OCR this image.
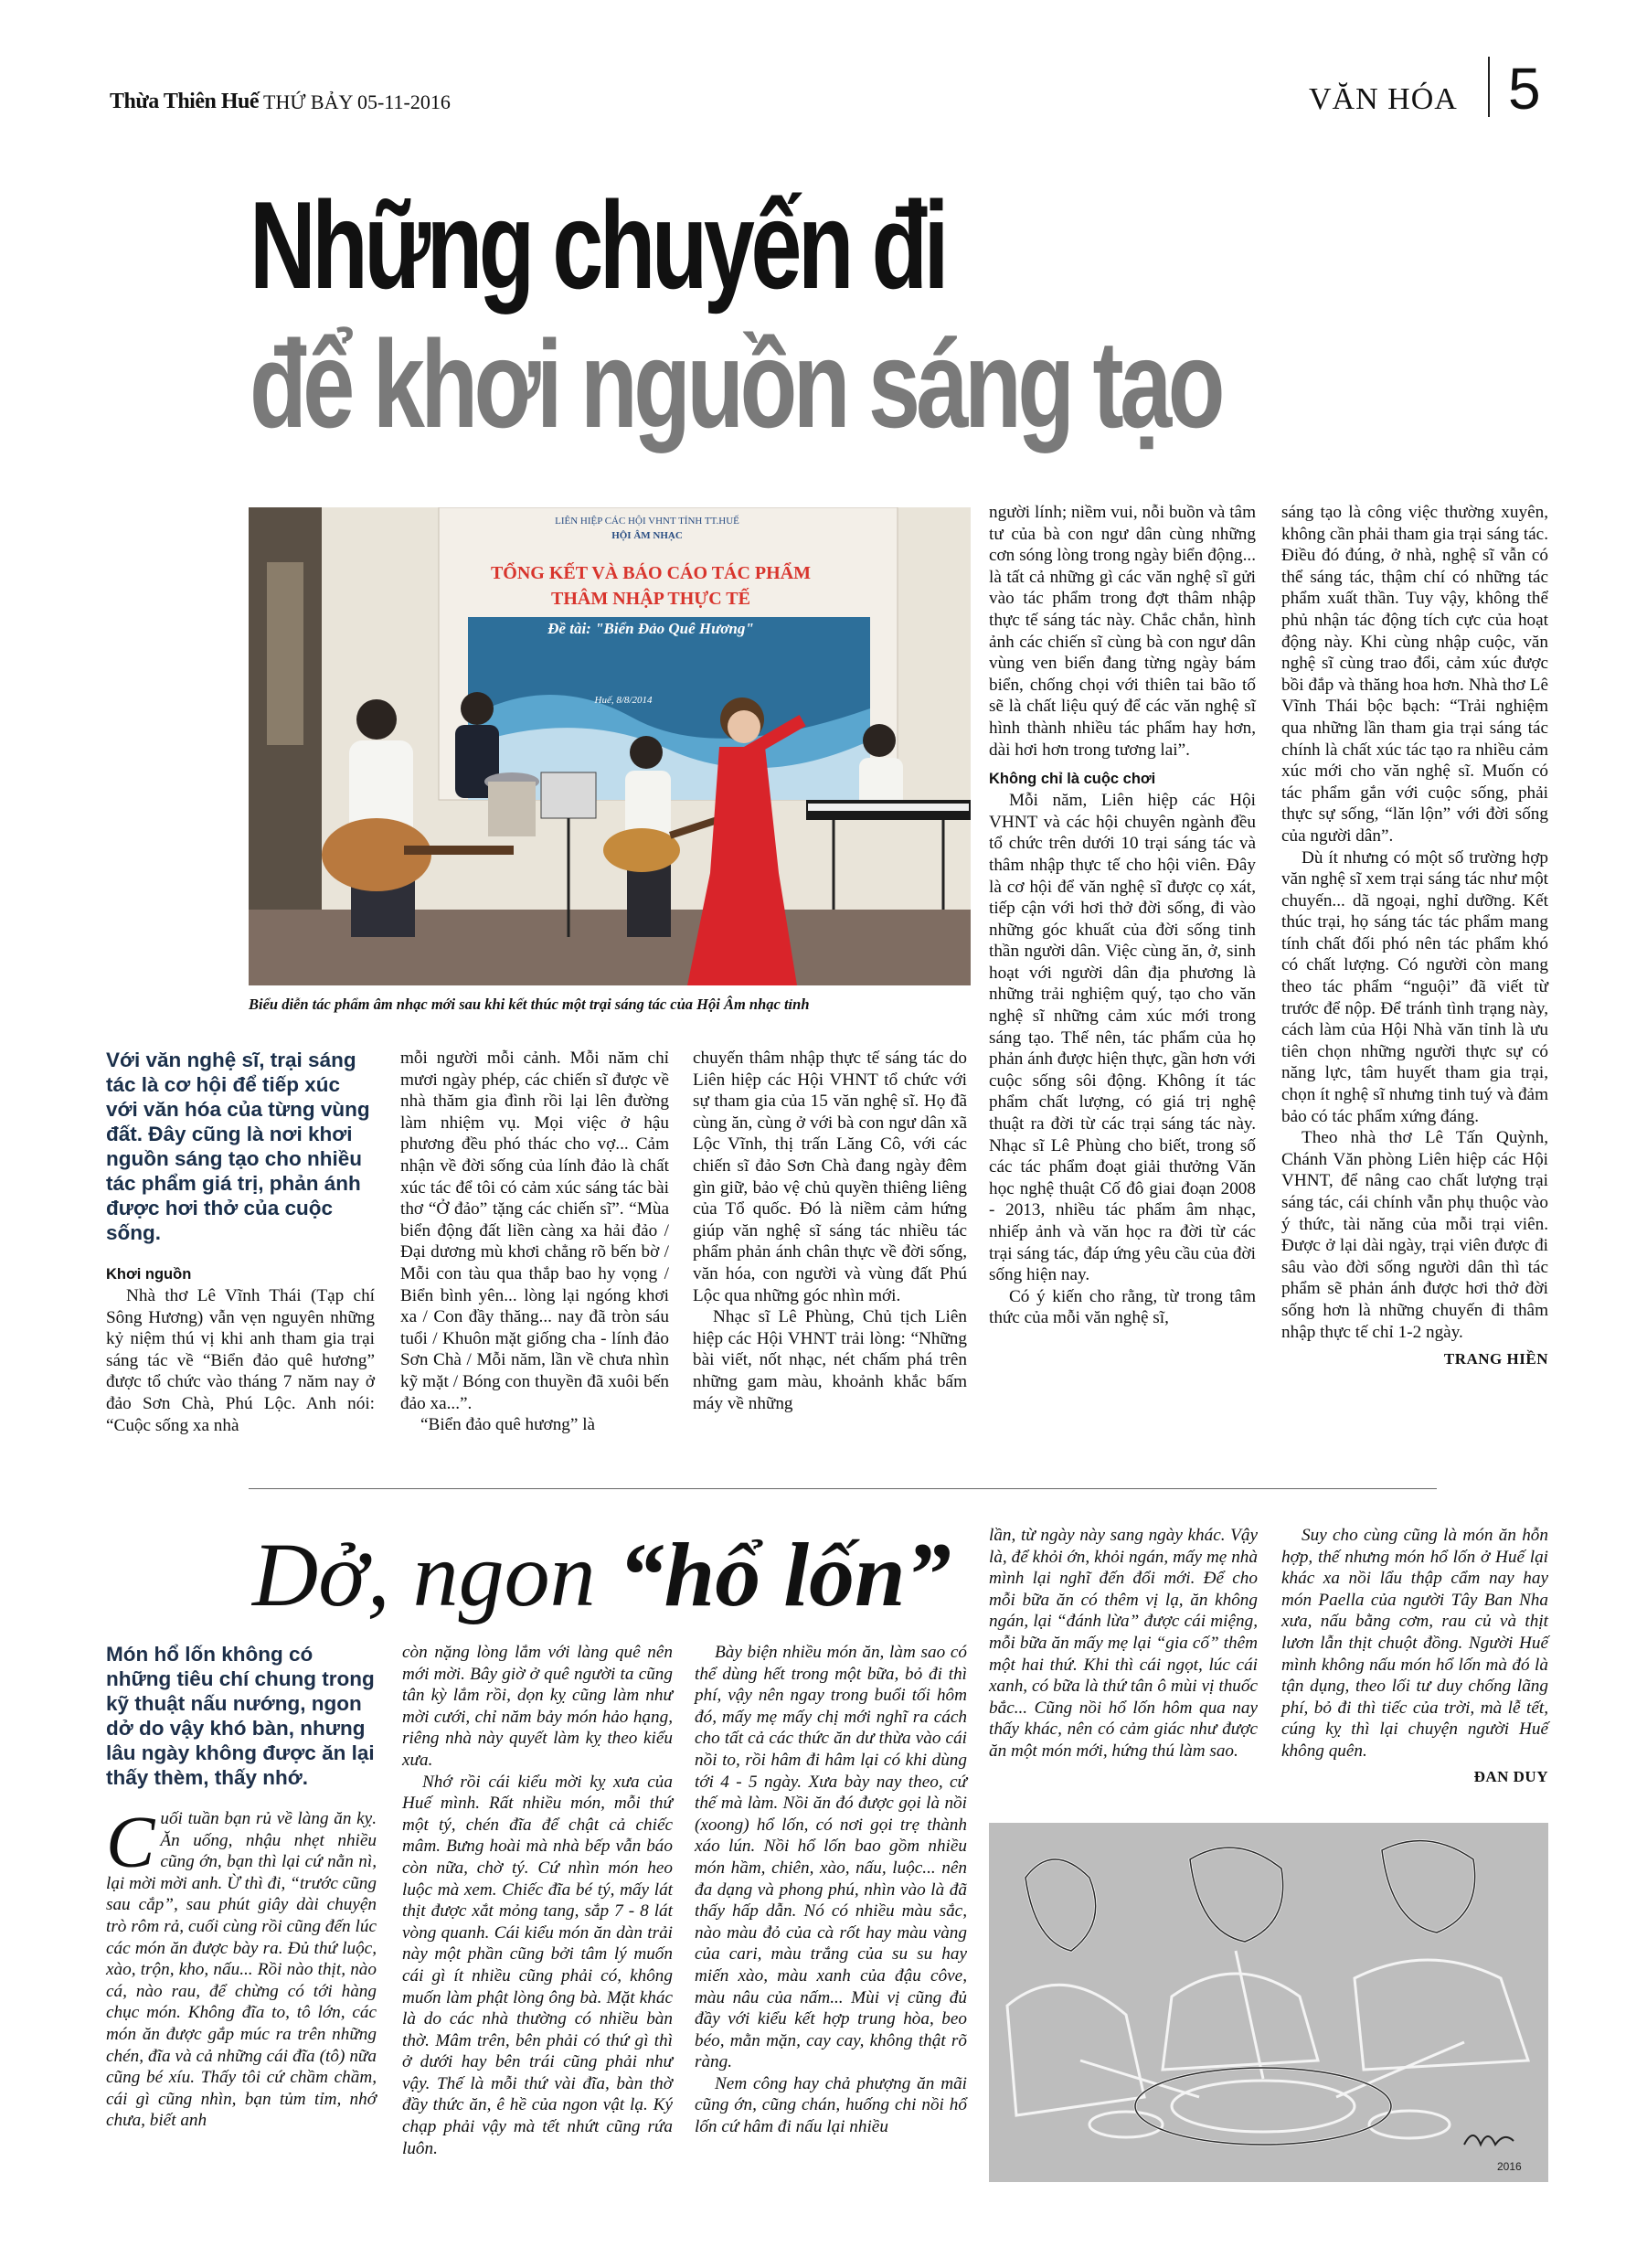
Thừa Thiên Huế THỨ BẢY 05-11-2016	VĂN HÓA 5
Những chuyến đi
để khơi nguồn sáng tạo
LIÊN HIỆP CÁC HỘI VHNT TỈNH TT.HUẾ
HỘI ÂM NHẠC
TỔNG KẾT VÀ BÁO CÁO TÁC PHẨM
THÂM NHẬP THỰC TẾ
Đề tài: "Biển Đảo Quê Hương"
Huế, 8/8/2014
Biểu diễn tác phẩm âm nhạc mới sau khi kết thúc một trại sáng tác của Hội Âm nhạc tỉnh
Với văn nghệ sĩ, trại sáng tác là cơ hội để tiếp xúc với văn hóa của từng vùng đất. Đây cũng là nơi khơi nguồn sáng tạo cho nhiều tác phẩm giá trị, phản ánh được hơi thở của cuộc sống.
Khơi nguồn

Nhà thơ Lê Vĩnh Thái (Tạp chí Sông Hương) vẫn vẹn nguyên những kỷ niệm thú vị khi anh tham gia trại sáng tác về “Biển đảo quê hương” được tổ chức vào tháng 7 năm nay ở đảo Sơn Chà, Phú Lộc. Anh nói: “Cuộc sống xa nhà

mỗi người mỗi cảnh. Mỗi năm chỉ mươi ngày phép, các chiến sĩ được về nhà thăm gia đình rồi lại lên đường làm nhiệm vụ. Mọi việc ở hậu phương đều phó thác cho vợ... Cảm nhận về đời sống của lính đảo là chất xúc tác để tôi có cảm xúc sáng tác bài thơ “Ở đảo” tặng các chiến sĩ”. “Mùa biển động đất liền càng xa hải đảo / Đại dương mù khơi chẳng rõ bến bờ / Mỗi con tàu qua thắp bao hy vọng / Biển bình yên... lòng lại ngóng khơi xa / Con đầy thăng... nay đã tròn sáu tuổi / Khuôn mặt giống cha - lính đảo Sơn Chà / Mỗi năm, lần về chưa nhìn kỹ mặt / Bóng con thuyền đã xuôi bến đảo xa...”.

“Biển đảo quê hương” là

chuyến thâm nhập thực tế sáng tác do Liên hiệp các Hội VHNT tổ chức với sự tham gia của 15 văn nghệ sĩ. Họ đã cùng ăn, cùng ở với bà con ngư dân xã Lộc Vĩnh, thị trấn Lăng Cô, với các chiến sĩ đảo Sơn Chà đang ngày đêm gìn giữ, bảo vệ chủ quyền thiêng liêng của Tổ quốc. Đó là niềm cảm hứng giúp văn nghệ sĩ sáng tác nhiều tác phẩm phản ánh chân thực về đời sống, văn hóa, con người và vùng đất Phú Lộc qua những góc nhìn mới.

Nhạc sĩ Lê Phùng, Chủ tịch Liên hiệp các Hội VHNT trải lòng: “Những bài viết, nốt nhạc, nét chấm phá trên những gam màu, khoảnh khắc bấm máy về những

người lính; niềm vui, nỗi buồn và tâm tư của bà con ngư dân cùng những cơn sóng lòng trong ngày biển động... là tất cả những gì các văn nghệ sĩ gửi vào tác phẩm trong đợt thâm nhập thực tế sáng tác này. Chắc chắn, hình ảnh các chiến sĩ cùng bà con ngư dân vùng ven biển đang từng ngày bám biển, chống chọi với thiên tai bão tố sẽ là chất liệu quý để các văn nghệ sĩ hình thành nhiều tác phẩm hay hơn, dài hơi hơn trong tương lai”.

Không chỉ là cuộc chơi

Mỗi năm, Liên hiệp các Hội VHNT và các hội chuyên ngành đều tổ chức trên dưới 10 trại sáng tác và thâm nhập thực tế cho hội viên. Đây là cơ hội để văn nghệ sĩ được cọ xát, tiếp cận với hơi thở đời sống, đi vào những góc khuất của đời sống tinh thần người dân. Việc cùng ăn, ở, sinh hoạt với người dân địa phương là những trải nghiệm quý, tạo cho văn nghệ sĩ những cảm xúc mới trong sáng tạo. Thế nên, tác phẩm của họ phản ánh được hiện thực, gần hơn với cuộc sống sôi động. Không ít tác phẩm chất lượng, có giá trị nghệ thuật ra đời từ các trại sáng tác này. Nhạc sĩ Lê Phùng cho biết, trong số các tác phẩm đoạt giải thưởng Văn học nghệ thuật Cố đô giai đoạn 2008 - 2013, nhiều tác phẩm âm nhạc, nhiếp ảnh và văn học ra đời từ các trại sáng tác, đáp ứng yêu cầu của đời sống hiện nay.

Có ý kiến cho rằng, từ trong tâm thức của mỗi văn nghệ sĩ,

sáng tạo là công việc thường xuyên, không cần phải tham gia trại sáng tác. Điều đó đúng, ở nhà, nghệ sĩ vẫn có thể sáng tác, thậm chí có những tác phẩm xuất thần. Tuy vậy, không thể phủ nhận tác động tích cực của hoạt động này. Khi cùng nhập cuộc, văn nghệ sĩ cùng trao đổi, cảm xúc được bồi đắp và thăng hoa hơn. Nhà thơ Lê Vĩnh Thái bộc bạch: “Trải nghiệm qua những lần tham gia trại sáng tác chính là chất xúc tác tạo ra nhiều cảm xúc mới cho văn nghệ sĩ. Muốn có tác phẩm gắn với cuộc sống, phải thực sự sống, “lăn lộn” với đời sống của người dân”.

Dù ít nhưng có một số trường hợp văn nghệ sĩ xem trại sáng tác như một chuyến... dã ngoại, nghỉ dưỡng. Kết thúc trại, họ sáng tác tác phẩm mang tính chất đối phó nên tác phẩm khó có chất lượng. Có người còn mang theo tác phẩm “nguội” đã viết từ trước để nộp. Để tránh tình trạng này, cách làm của Hội Nhà văn tỉnh là ưu tiên chọn những người thực sự có năng lực, tâm huyết tham gia trại, chọn ít nghệ sĩ nhưng tinh tuý và đảm bảo có tác phẩm xứng đáng.

Theo nhà thơ Lê Tấn Quỳnh, Chánh Văn phòng Liên hiệp các Hội VHNT, để nâng cao chất lượng trại sáng tác, cái chính vẫn phụ thuộc vào ý thức, tài năng của mỗi trại viên. Được ở lại dài ngày, trại viên được đi sâu vào đời sống người dân thì tác phẩm sẽ phản ánh được hơi thở đời sống hơn là những chuyến đi thâm nhập thực tế chỉ 1-2 ngày.

TRANG HIỀN
Dở, ngon “hổ lốn”
Món hổ lốn không có những tiêu chí chung trong kỹ thuật nấu nướng, ngon dở do vậy khó bàn, nhưng lâu ngày không được ăn lại thấy thèm, thấy nhớ.

Cuối tuần bạn rủ về làng ăn kỵ. Ăn uống, nhậu nhẹt nhiều cũng ớn, bạn thì lại cứ nằn nì, lại mời mời anh. Ừ thì đi, “trước cũng sau cắp”, sau phút giây dài chuyện trò rôm rả, cuối cùng rồi cũng đến lúc các món ăn được bày ra. Đủ thứ luộc, xào, trộn, kho, nấu... Rồi nào thịt, nào cá, nào rau, để chừng có tới hàng chục món. Không đĩa to, tô lớn, các món ăn được gắp múc ra trên những chén, đĩa và cả những cái đĩa (tô) nữa cũng bé xíu. Thấy tôi cứ chầm chầm, cái gì cũng nhìn, bạn tủm tỉm, nhớ chưa, biết anh

còn nặng lòng lắm với làng quê nên mới mời. Bây giờ ở quê người ta cũng tân kỳ lắm rồi, dọn kỵ cũng làm như mời cưới, chỉ năm bảy món hảo hạng, riêng nhà này quyết làm kỵ theo kiểu xưa.

Nhớ rồi cái kiểu mời kỵ xưa của Huế mình. Rất nhiều món, mỗi thứ một tý, chén đĩa để chật cả chiếc mâm. Bưng hoài mà nhà bếp vẫn báo còn nữa, chờ tý. Cứ nhìn món heo luộc mà xem. Chiếc đĩa bé tý, mấy lát thịt được xắt mỏng tang, sắp 7 - 8 lát vòng quanh. Cái kiểu món ăn dàn trải này một phần cũng bởi tâm lý muốn cái gì ít nhiều cũng phải có, không muốn làm phật lòng ông bà. Mặt khác là do các nhà thường có nhiều bàn thờ. Mâm trên, bên phải có thứ gì thì ở dưới hay bên trái cũng phải như vậy. Thế là mỗi thứ vài đĩa, bàn thờ đầy thức ăn, ê hề của ngon vật lạ. Ký chạp phải vậy mà tết nhứt cũng rứa luôn.

Bày biện nhiều món ăn, làm sao có thể dùng hết trong một bữa, bỏ đi thì phí, vậy nên ngay trong buổi tối hôm đó, mấy mẹ mấy chị mới nghĩ ra cách cho tất cả các thức ăn dư thừa vào cái nồi to, rồi hâm đi hâm lại có khi dùng tới 4 - 5 ngày. Xưa bày nay theo, cứ thế mà làm. Nồi ăn đó được gọi là nồi (xoong) hổ lốn, có nơi gọi trẹ thành xáo lún. Nồi hổ lốn bao gồm nhiều món hầm, chiên, xào, nấu, luộc... nên đa dạng và phong phú, nhìn vào là đã thấy hấp dẫn. Nó có nhiều màu sắc, nào màu đỏ của cà rốt hay màu vàng của cari, màu trắng của su su hay miến xào, màu xanh của đậu côve, màu nâu của nấm... Mùi vị cũng đủ đầy với kiểu kết hợp trung hòa, beo béo, mằn mặn, cay cay, không thật rõ ràng.

Nem công hay chả phượng ăn mãi cũng ớn, cũng chán, huống chi nồi hổ lốn cứ hâm đi nấu lại nhiều

lần, từ ngày này sang ngày khác. Vậy là, để khỏi ớn, khỏi ngán, mấy mẹ nhà mình lại nghĩ đến đổi mới. Để cho mỗi bữa ăn có thêm vị lạ, ăn không ngán, lại “đánh lừa” được cái miệng, mỗi bữa ăn mấy mẹ lại “gia cố” thêm một hai thứ. Khi thì cái ngọt, lúc cái xanh, có bữa là thứ tân ô mùi vị thuốc bắc... Cũng nồi hổ lốn hôm qua nay thấy khác, nên có cảm giác như được ăn một món mới, hứng thú làm sao.

Suy cho cùng cũng là món ăn hỗn hợp, thế nhưng món hổ lốn ở Huế lại khác xa nồi lẩu thập cẩm nay hay món Paella của người Tây Ban Nha xưa, nấu bằng cơm, rau củ và thịt lươn lẫn thịt chuột đồng. Người Huế mình không nấu món hổ lốn mà đó là tận dụng, theo lối tư duy chống lãng phí, bỏ đi thì tiếc của trời, mà lễ tết, cúng kỵ thì lại chuyện người Huế không quên.

ĐAN DUY
2016
